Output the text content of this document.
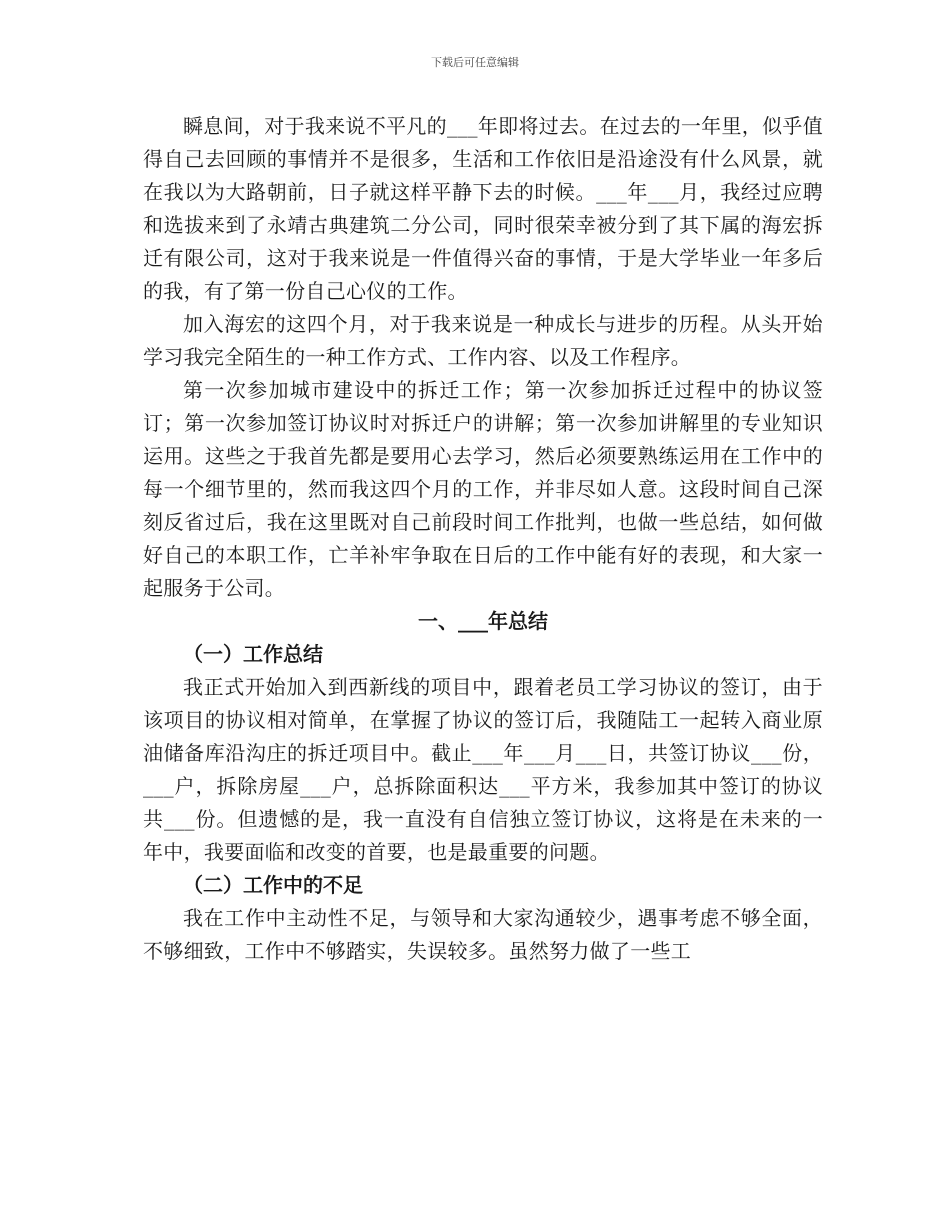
下载后可任意编辑

瞬息间，对于我来说不平凡的___年即将过去。在过去的一年里，似乎值得自己去回顾的事情并不是很多，生活和工作依旧是沿途没有什么风景，就在我以为大路朝前，日子就这样平静下去的时候。___年___月，我经过应聘和选拔来到了永靖古典建筑二分公司，同时很荣幸被分到了其下属的海宏拆迁有限公司，这对于我来说是一件值得兴奋的事情，于是大学毕业一年多后的我，有了第一份自己心仪的工作。

加入海宏的这四个月，对于我来说是一种成长与进步的历程。从头开始学习我完全陌生的一种工作方式、工作内容、以及工作程序。

第一次参加城市建设中的拆迁工作；第一次参加拆迁过程中的协议签订；第一次参加签订协议时对拆迁户的讲解；第一次参加讲解里的专业知识运用。这些之于我首先都是要用心去学习，然后必须要熟练运用在工作中的每一个细节里的，然而我这四个月的工作，并非尽如人意。这段时间自己深刻反省过后，我在这里既对自己前段时间工作批判，也做一些总结，如何做好自己的本职工作，亡羊补牢争取在日后的工作中能有好的表现，和大家一起服务于公司。

一、___年总结
（一）工作总结

我正式开始加入到西新线的项目中，跟着老员工学习协议的签订，由于该项目的协议相对简单，在掌握了协议的签订后，我随陆工一起转入商业原油储备库沿沟庄的拆迁项目中。截止___年___月___日，共签订协议___份，___户，拆除房屋___户，总拆除面积达___平方米，我参加其中签订的协议共___份。但遗憾的是，我一直没有自信独立签订协议，这将是在未来的一年中，我要面临和改变的首要，也是最重要的问题。

（二）工作中的不足

我在工作中主动性不足，与领导和大家沟通较少，遇事考虑不够全面，不够细致，工作中不够踏实，失误较多。虽然努力做了一些工
